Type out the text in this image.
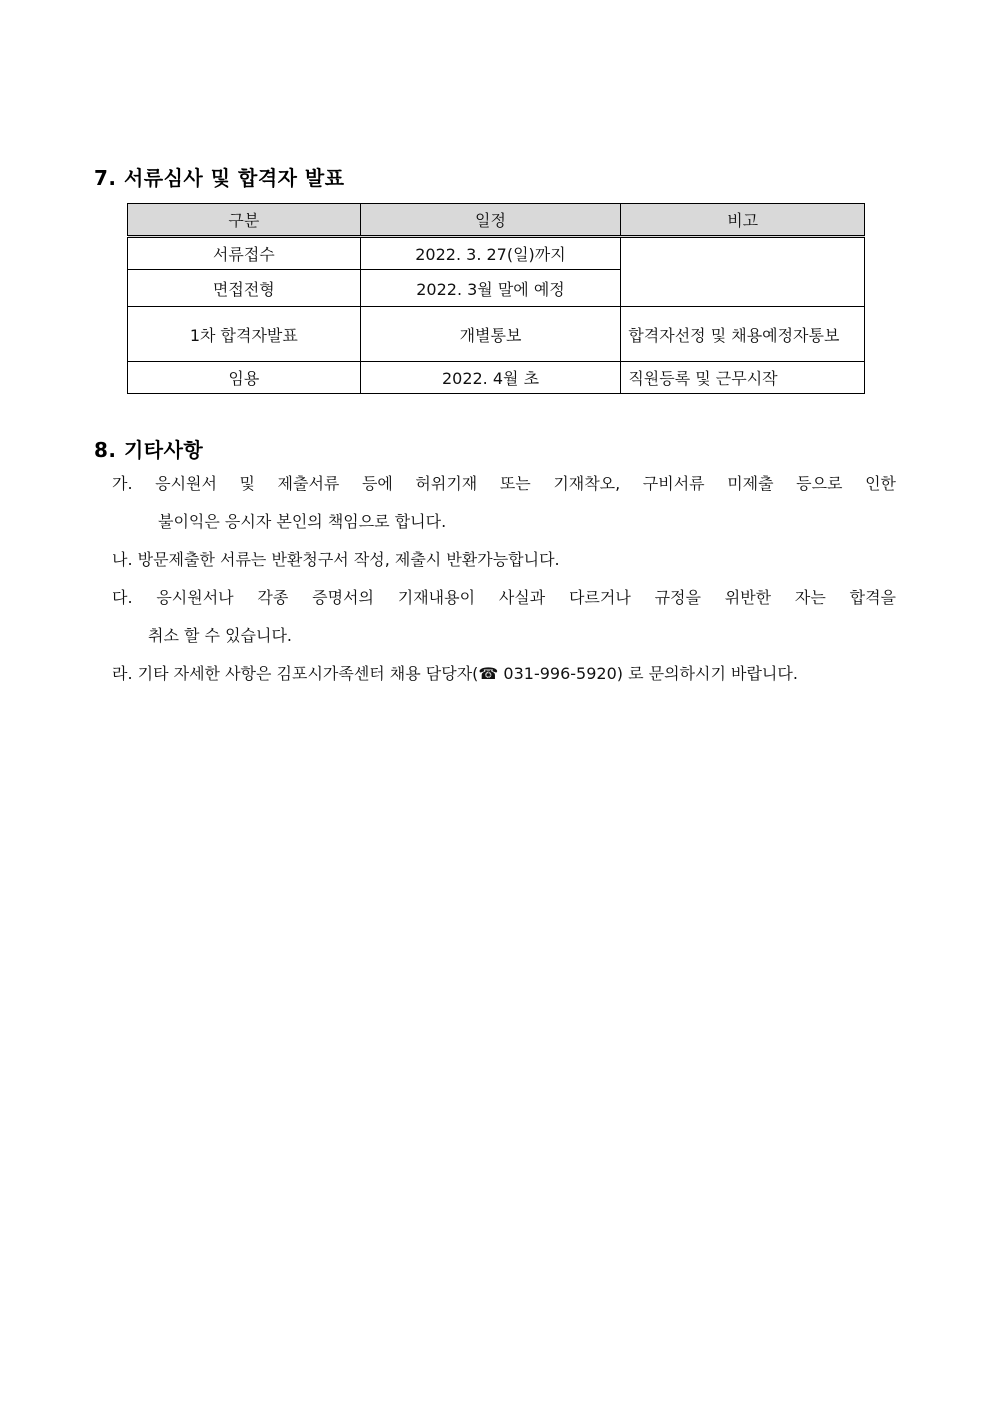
7. 서류심사 및 합격자 발표
구분	일정	비고
서류접수	2022. 3. 27(일)까지	
면접전형	2022. 3월 말에 예정	
1차 합격자발표	개별통보	합격자선정 및 채용예정자통보
임용	2022. 4월 초	직원등록 및 근무시작
8. 기타사항
가. 응시원서 및 제출서류 등에 허위기재 또는 기재착오, 구비서류 미제출 등으로 인한
불이익은 응시자 본인의 책임으로 합니다.
나. 방문제출한 서류는 반환청구서 작성, 제출시 반환가능합니다.
다. 응시원서나 각종 증명서의 기재내용이 사실과 다르거나 규정을 위반한 자는 합격을
취소 할 수 있습니다.
라. 기타 자세한 사항은 김포시가족센터 채용 담당자(☎ 031-996-5920) 로 문의하시기 바랍니다.
